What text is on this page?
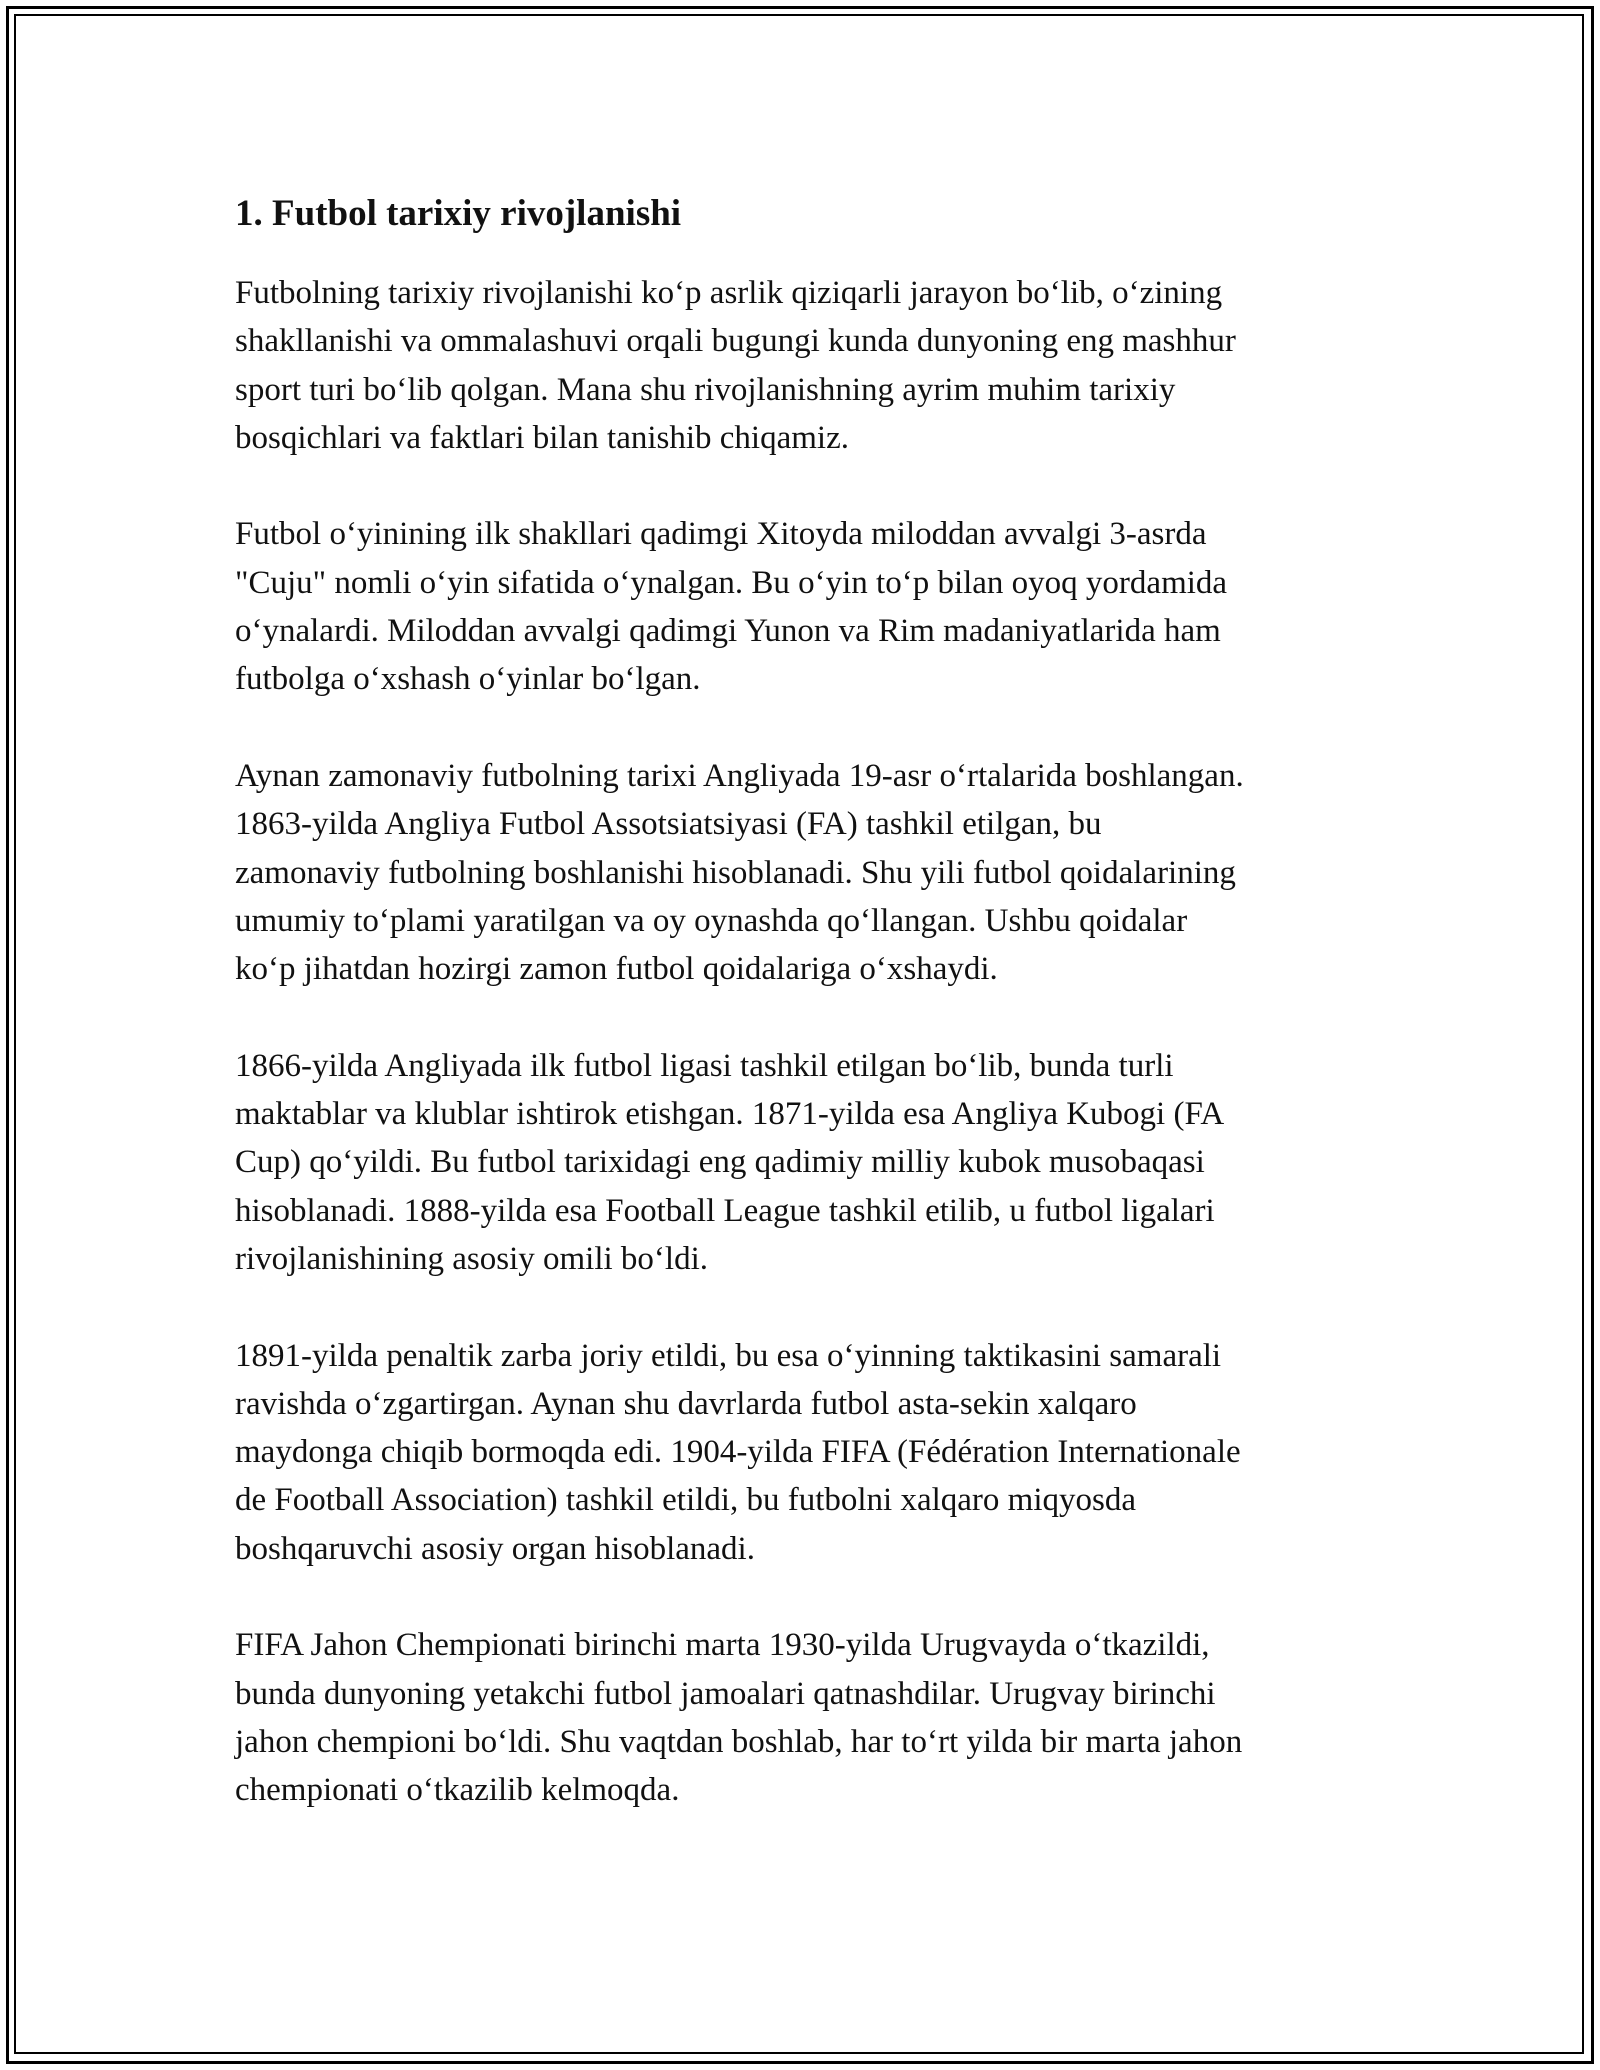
1. Futbol tarixiy rivojlanishi

Futbolning tarixiy rivojlanishi koʻp asrlik qiziqarli jarayon boʻlib, oʻzining
shakllanishi va ommalashuvi orqali bugungi kunda dunyoning eng mashhur
sport turi boʻlib qolgan. Mana shu rivojlanishning ayrim muhim tarixiy
bosqichlari va faktlari bilan tanishib chiqamiz.

Futbol oʻyinining ilk shakllari qadimgi Xitoyda miloddan avvalgi 3-asrda
"Cuju" nomli oʻyin sifatida oʻynalgan. Bu oʻyin toʻp bilan oyoq yordamida
oʻynalardi. Miloddan avvalgi qadimgi Yunon va Rim madaniyatlarida ham
futbolga oʻxshash oʻyinlar boʻlgan.

Aynan zamonaviy futbolning tarixi Angliyada 19-asr oʻrtalarida boshlangan.
1863-yilda Angliya Futbol Assotsiatsiyasi (FA) tashkil etilgan, bu
zamonaviy futbolning boshlanishi hisoblanadi. Shu yili futbol qoidalarining
umumiy toʻplami yaratilgan va oy oynashda qoʻllangan. Ushbu qoidalar
koʻp jihatdan hozirgi zamon futbol qoidalariga oʻxshaydi.

1866-yilda Angliyada ilk futbol ligasi tashkil etilgan boʻlib, bunda turli
maktablar va klublar ishtirok etishgan. 1871-yilda esa Angliya Kubogi (FA
Cup) qoʻyildi. Bu futbol tarixidagi eng qadimiy milliy kubok musobaqasi
hisoblanadi. 1888-yilda esa Football League tashkil etilib, u futbol ligalari
rivojlanishining asosiy omili boʻldi.

1891-yilda penaltik zarba joriy etildi, bu esa oʻyinning taktikasini samarali
ravishda oʻzgartirgan. Aynan shu davrlarda futbol asta-sekin xalqaro
maydonga chiqib bormoqda edi. 1904-yilda FIFA (Fédération Internationale
de Football Association) tashkil etildi, bu futbolni xalqaro miqyosda
boshqaruvchi asosiy organ hisoblanadi.

FIFA Jahon Chempionati birinchi marta 1930-yilda Urugvayda oʻtkazildi,
bunda dunyoning yetakchi futbol jamoalari qatnashdilar. Urugvay birinchi
jahon chempioni boʻldi. Shu vaqtdan boshlab, har toʻrt yilda bir marta jahon
chempionati oʻtkazilib kelmoqda.
